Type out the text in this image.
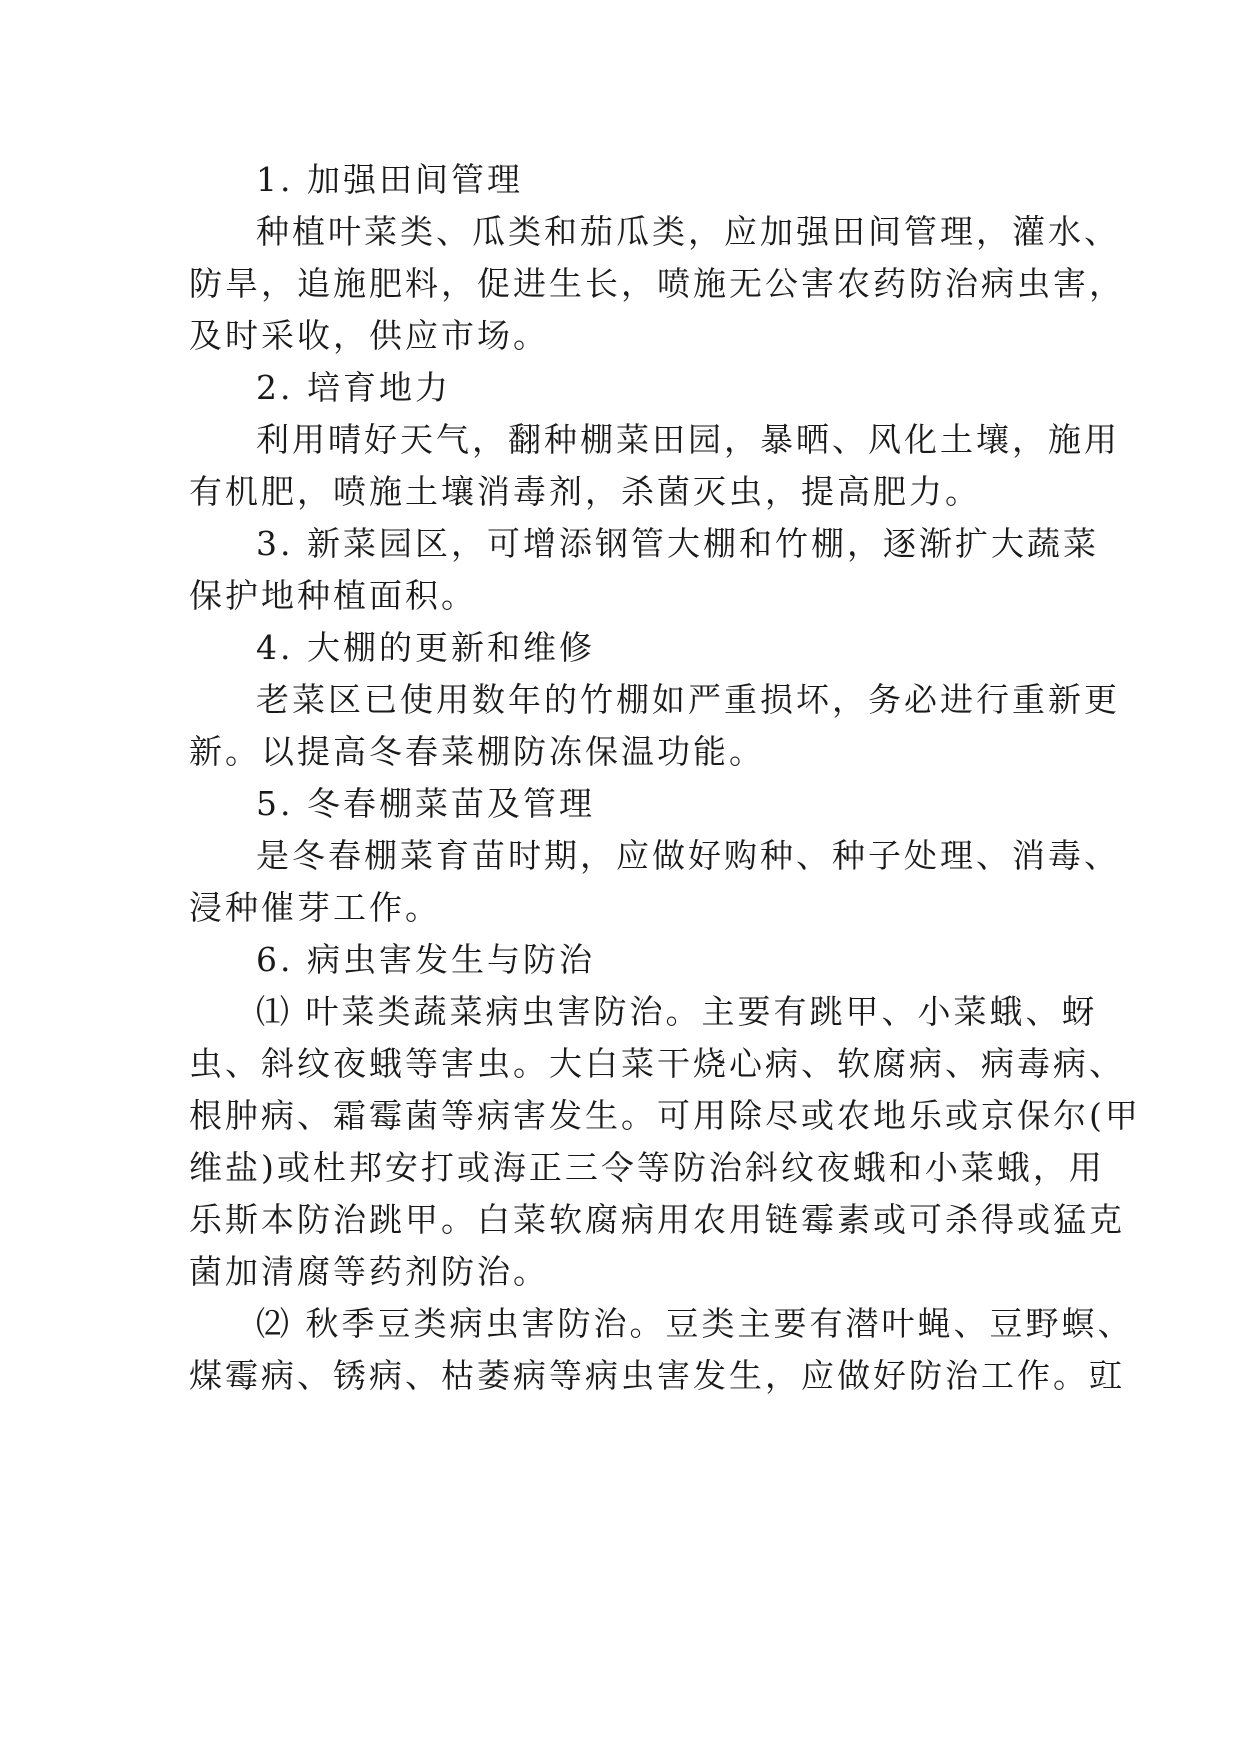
1. 加强田间管理
种植叶菜类、瓜类和茄瓜类，应加强田间管理，灌水、
防旱，追施肥料，促进生长，喷施无公害农药防治病虫害，
及时采收，供应市场。
2. 培育地力
利用晴好天气，翻种棚菜田园，暴晒、风化土壤，施用
有机肥，喷施土壤消毒剂，杀菌灭虫，提高肥力。
3. 新菜园区，可增添钢管大棚和竹棚，逐渐扩大蔬菜
保护地种植面积。
4. 大棚的更新和维修
老菜区已使用数年的竹棚如严重损坏，务必进行重新更
新。以提高冬春菜棚防冻保温功能。
5. 冬春棚菜苗及管理
是冬春棚菜育苗时期，应做好购种、种子处理、消毒、
浸种催芽工作。
6. 病虫害发生与防治
⑴ 叶菜类蔬菜病虫害防治。主要有跳甲、小菜蛾、蚜
虫、斜纹夜蛾等害虫。大白菜干烧心病、软腐病、病毒病、
根肿病、霜霉菌等病害发生。可用除尽或农地乐或京保尔(甲
维盐)或杜邦安打或海正三令等防治斜纹夜蛾和小菜蛾，用
乐斯本防治跳甲。白菜软腐病用农用链霉素或可杀得或猛克
菌加清腐等药剂防治。
⑵ 秋季豆类病虫害防治。豆类主要有潜叶蝇、豆野螟、
煤霉病、锈病、枯萎病等病虫害发生，应做好防治工作。豇
